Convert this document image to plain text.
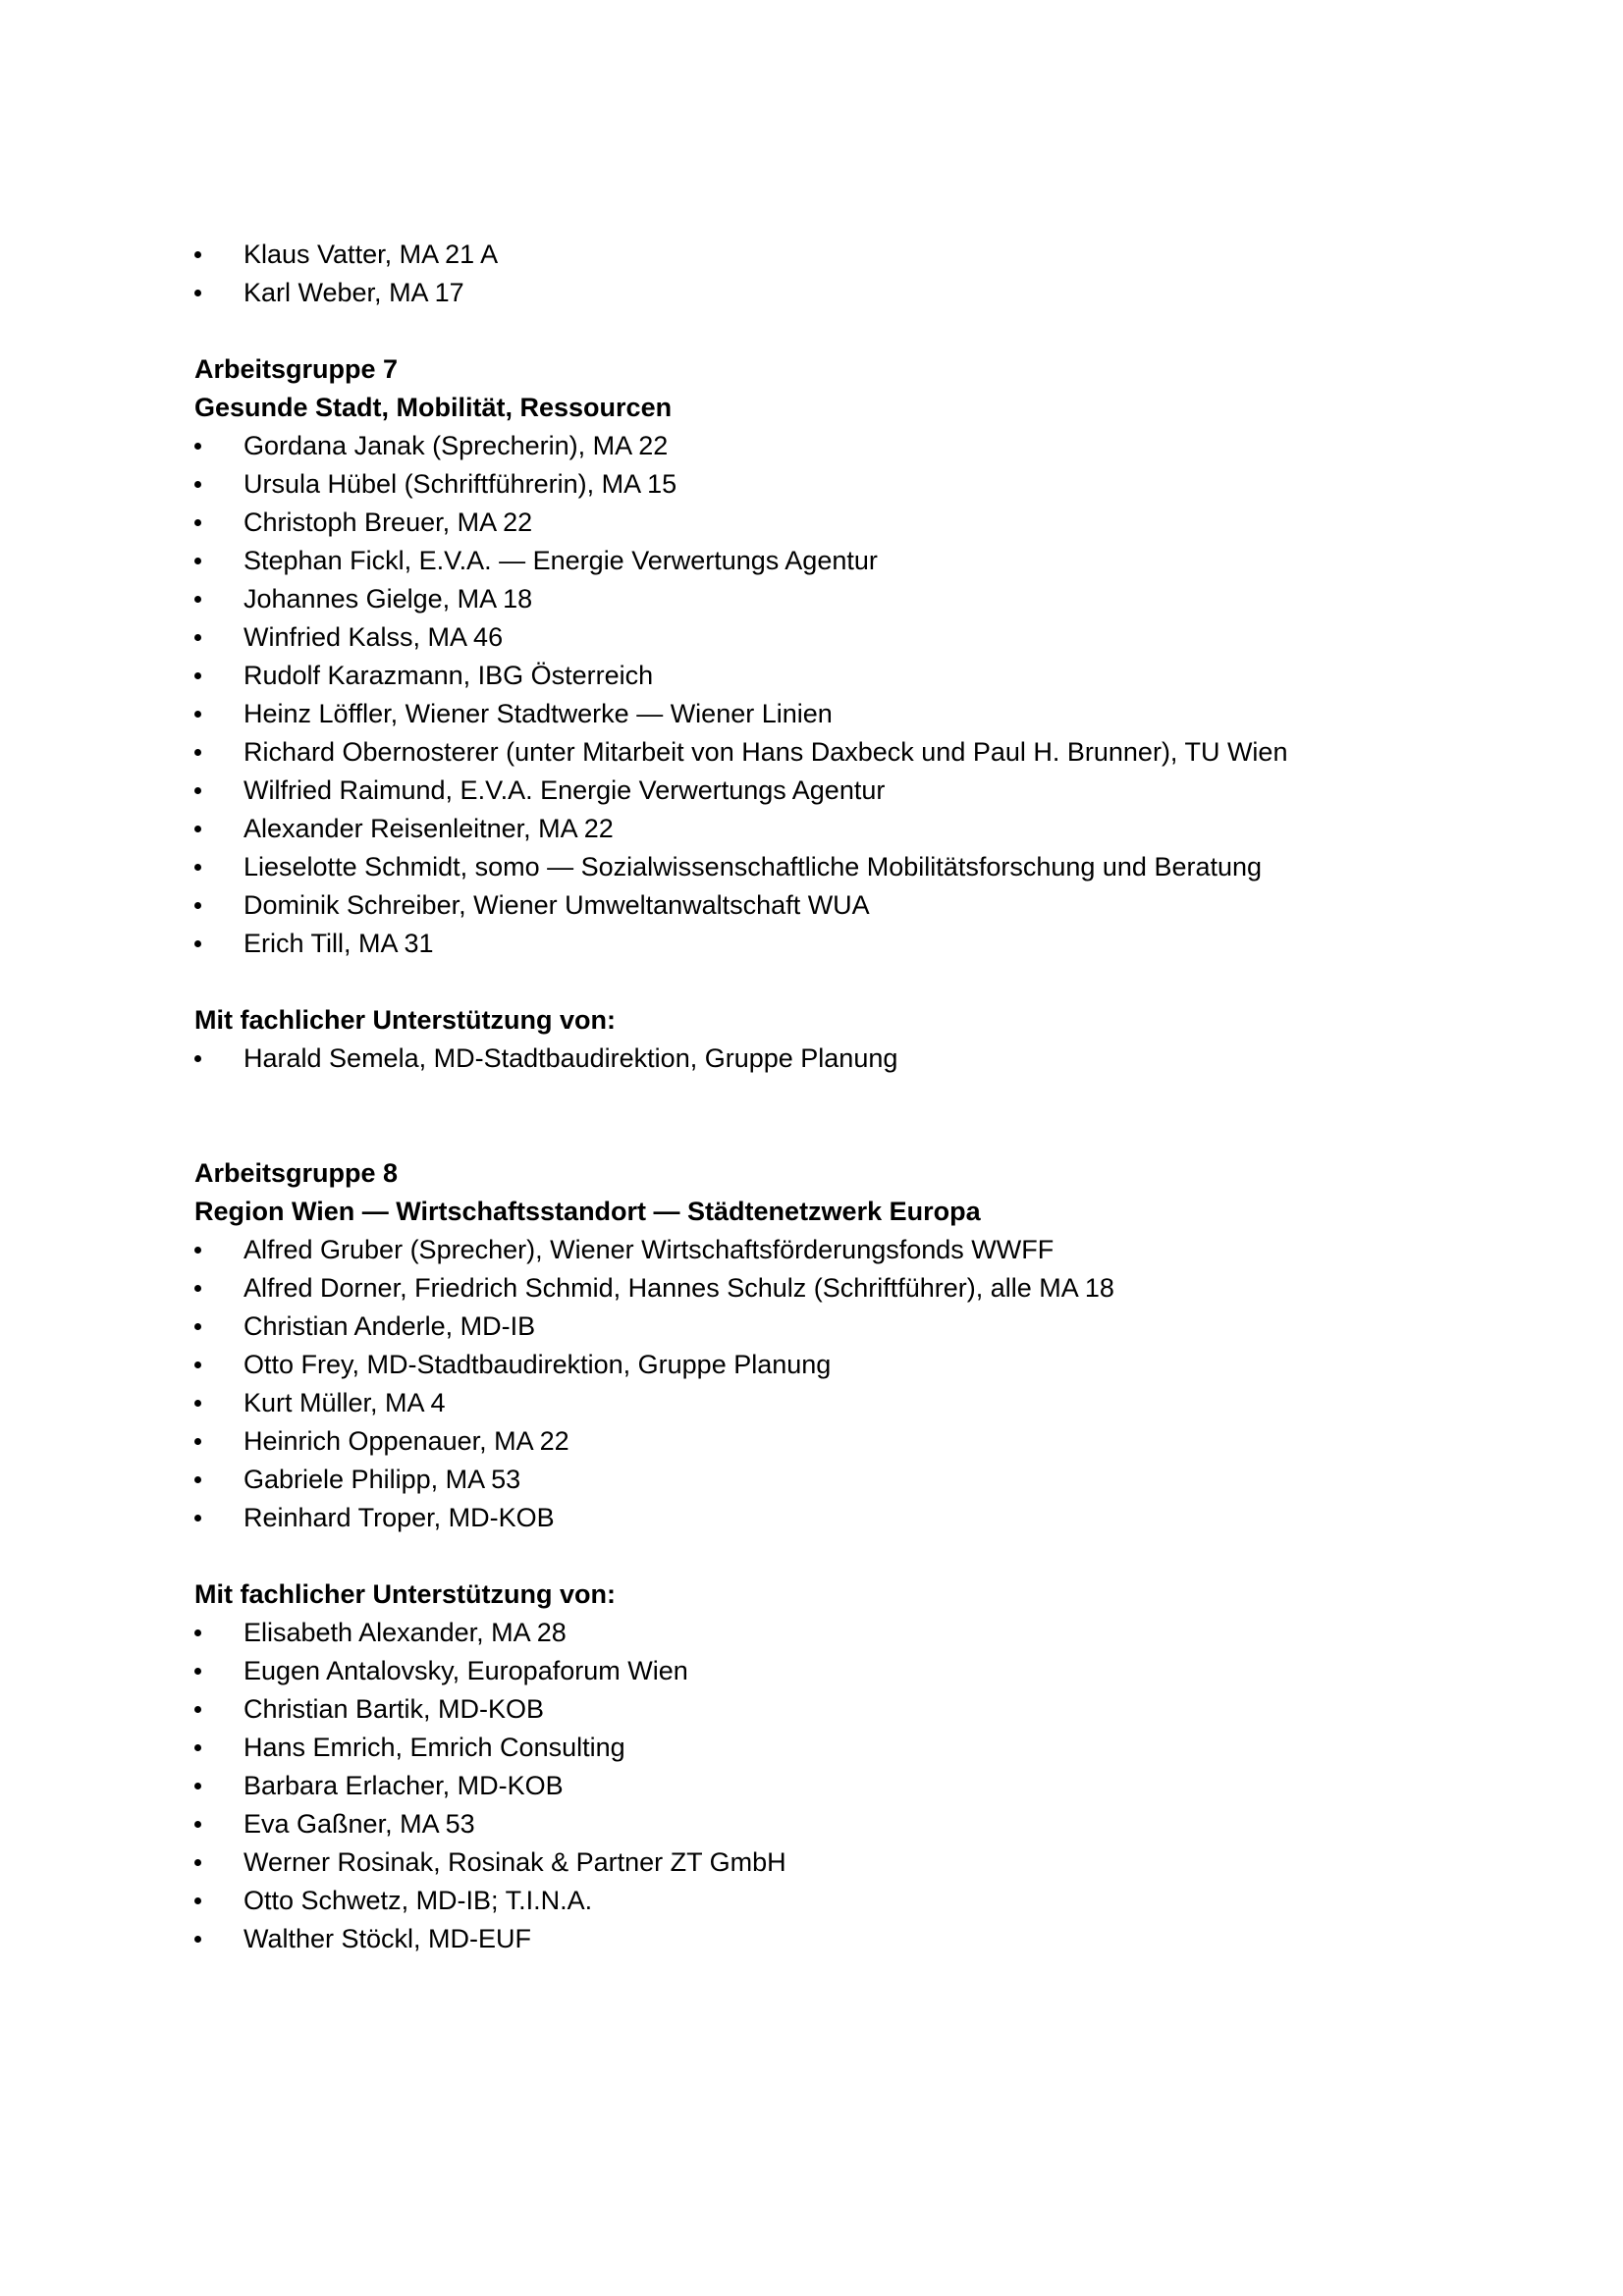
Klaus Vatter, MA 21 A
Karl Weber, MA 17

Arbeitsgruppe 7

Gesunde Stadt, Mobilität, Ressourcen

Gordana Janak (Sprecherin), MA 22
Ursula Hübel (Schriftführerin), MA 15
Christoph Breuer, MA 22
Stephan Fickl, E.V.A. — Energie Verwertungs Agentur
Johannes Gielge, MA 18
Winfried Kalss, MA 46
Rudolf Karazmann, IBG Österreich
Heinz Löffler, Wiener Stadtwerke — Wiener Linien
Richard Obernosterer (unter Mitarbeit von Hans Daxbeck und Paul H. Brunner), TU Wien
Wilfried Raimund, E.V.A. Energie Verwertungs Agentur
Alexander Reisenleitner, MA 22
Lieselotte Schmidt, somo — Sozialwissenschaftliche Mobilitätsforschung und Beratung
Dominik Schreiber, Wiener Umweltanwaltschaft WUA
Erich Till, MA 31

Mit fachlicher Unterstützung von:

Harald Semela, MD-Stadtbaudirektion, Gruppe Planung

Arbeitsgruppe 8

Region Wien — Wirtschaftsstandort — Städtenetzwerk Europa

Alfred Gruber (Sprecher), Wiener Wirtschaftsförderungsfonds WWFF
Alfred Dorner, Friedrich Schmid, Hannes Schulz (Schriftführer), alle MA 18
Christian Anderle, MD-IB
Otto Frey, MD-Stadtbaudirektion, Gruppe Planung
Kurt Müller, MA 4
Heinrich Oppenauer, MA 22
Gabriele Philipp, MA 53
Reinhard Troper, MD-KOB

Mit fachlicher Unterstützung von:

Elisabeth Alexander, MA 28
Eugen Antalovsky, Europaforum Wien
Christian Bartik, MD-KOB
Hans Emrich, Emrich Consulting
Barbara Erlacher, MD-KOB
Eva Gaßner, MA 53
Werner Rosinak, Rosinak & Partner ZT GmbH
Otto Schwetz, MD-IB; T.I.N.A.
Walther Stöckl, MD-EUF
